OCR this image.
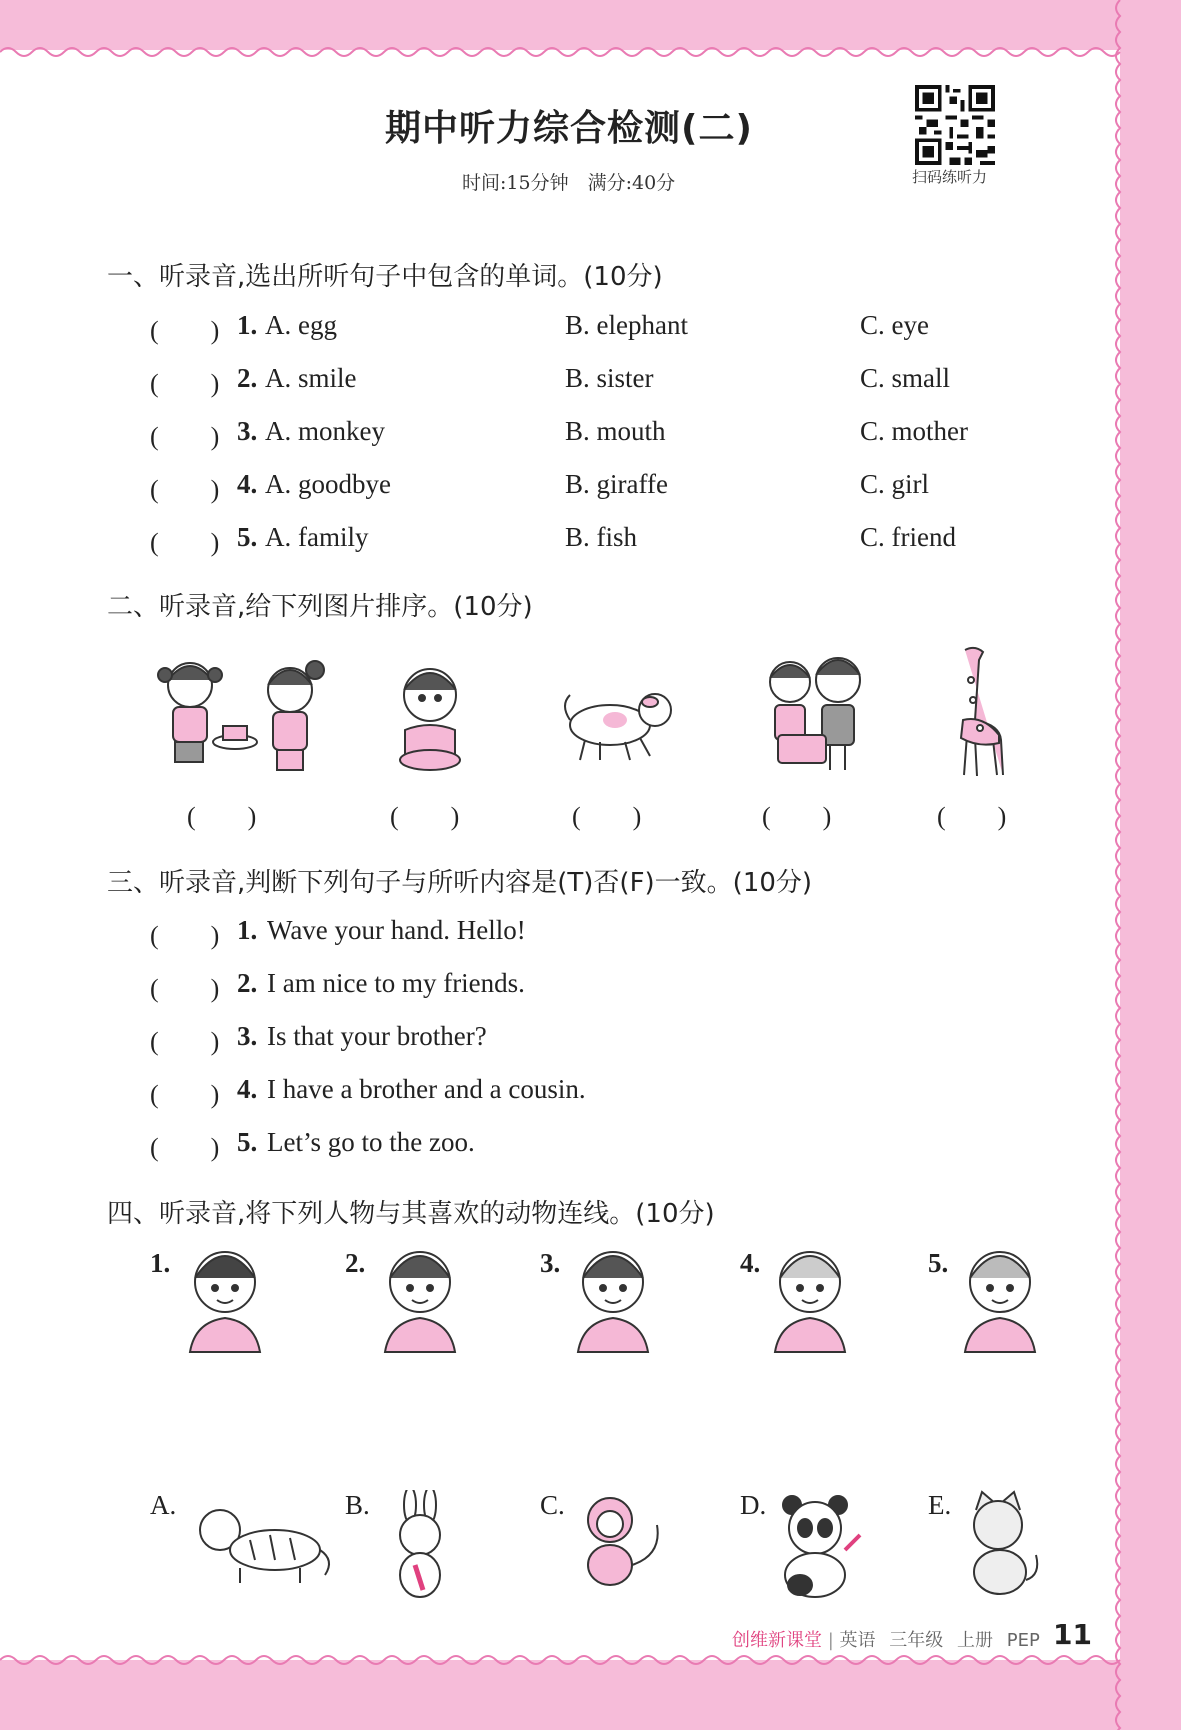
期中听力综合检测(二)
时间:15分钟　满分:40分	扫码练听力
一、听录音,选出所听句子中包含的单词。(10分)
(　　) 1. A. egg	B. elephant	C. eye
(　　) 2. A. smile	B. sister	C. small
(　　) 3. A. monkey	B. mouth	C. mother
(　　) 4. A. goodbye	B. giraffe	C. girl
(　　) 5. A. family	B. fish	C. friend
二、听录音,给下列图片排序。(10分)
(　　)	(　　)	(　　)	(　　)	(　　)
三、听录音,判断下列句子与所听内容是(T)否(F)一致。(10分)
(　　) 1. Wave your hand. Hello!
(　　) 2. I am nice to my friends.
(　　) 3. Is that your brother?
(　　) 4. I have a brother and a cousin.
(　　) 5. Let’s go to the zoo.
四、听录音,将下列人物与其喜欢的动物连线。(10分)
1.	2.	3.	4.	5.
A.	B.	C.	D.	E.
创维新课堂 | 英语 三年级 上册 PEP 11
